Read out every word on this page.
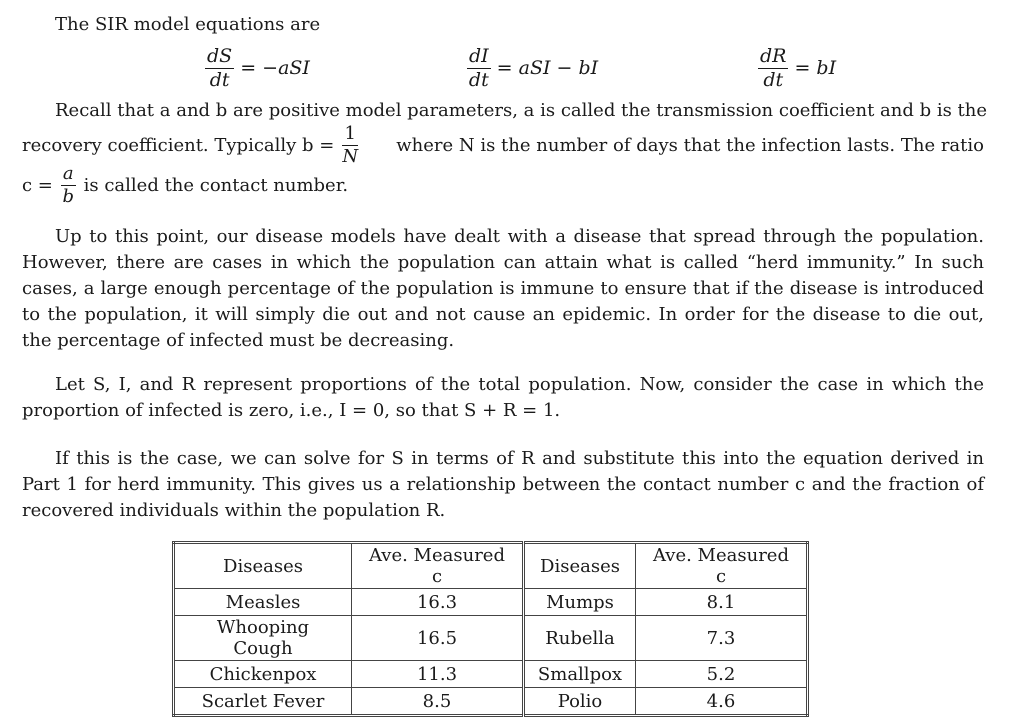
The SIR model equations are
$\frac{dS}{dt} = -aSI$	$\frac{dI}{dt}$ = aSI − bI	$\frac{dR}{dt}$ = bI
Recall that a and b are positive model parameters, a is called the transmission coefficient and b is the
recovery coefficient. Typically $b = \frac{1}{N}$ where N is the number of days that the infection lasts. The ratio
$c = \frac{a}{b}$ is called the contact number.

Up to this point, our disease models have dealt with a disease that spread through the population. However, there are cases in which the population can attain what is called “herd immunity.” In such cases, a large enough percentage of the population is immune to ensure that if the disease is introduced to the population, it will simply die out and not cause an epidemic. In order for the disease to die out, the percentage of infected must be decreasing.

Let S, I, and R represent proportions of the total population. Now, consider the case in which the proportion of infected is zero, i.e., I = 0, so that S + R = 1.

If this is the case, we can solve for S in terms of R and substitute this into the equation derived in Part 1 for herd immunity. This gives us a relationship between the contact number c and the fraction of recovered individuals within the population R.

Diseases	Ave. Measured c	Diseases	Ave. Measured c
Measles	16.3	Mumps	8.1
Whooping Cough	16.5	Rubella	7.3
Chickenpox	11.3	Smallpox	5.2
Scarlet Fever	8.5	Polio	4.6
